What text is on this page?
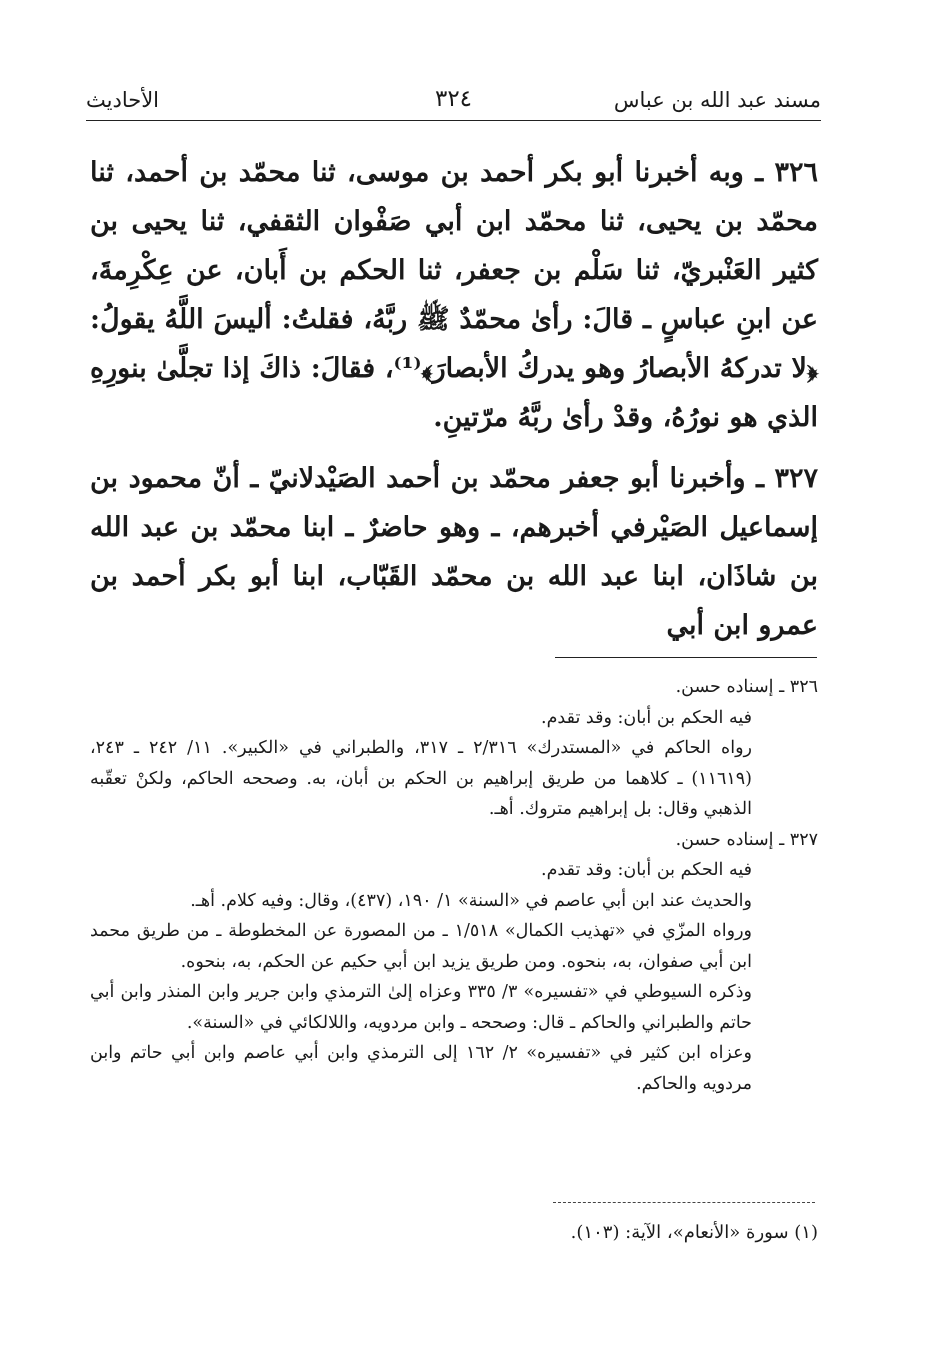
مسند عبد الله بن عباس
٣٢٤
الأحاديث

٣٢٦ ـ وبه أخبرنا أبو بكر أحمد بن موسى، ثنا محمّد بن أحمد، ثنا محمّد بن يحيى، ثنا محمّد ابن أبي صَفْوان الثقفي، ثنا يحيى بن كثير العَنْبريّ، ثنا سَلْم بن جعفر، ثنا الحكم بن أَبان، عن عِكْرِمةَ، عن ابنِ عباسٍ ـ قالَ: رأىٰ محمّدٌ ﷺ ربَّهُ، فقلتُ: أليسَ اللَّهُ يقولُ: ﴿لا تدركهُ الأبصارُ وهو يدركُ الأبصارَ﴾⁽¹⁾، فقالَ: ذاكَ إذا تجلَّىٰ بنورِهِ الذي هو نورُهُ، وقدْ رأىٰ ربَّهُ مرّتينِ.

٣٢٧ ـ وأخبرنا أبو جعفر محمّد بن أحمد الصَيْدلانيّ ـ أنّ محمود بن إسماعيل الصَيْرفي أخبرهم، ـ وهو حاضرٌ ـ ابنا محمّد بن عبد الله بن شاذَان، ابنا عبد الله بن محمّد القَبّاب، ابنا أبو بكر أحمد بن عمرو ابن أبي

٣٢٦ ـ إسناده حسن.

فيه الحكم بن أبان: وقد تقدم.

رواه الحاكم في «المستدرك» ٢/٣١٦ ـ ٣١٧، والطبراني في «الكبير». ١١/ ٢٤٢ ـ ٢٤٣، (١١٦١٩) ـ كلاهما من طريق إبراهيم بن الحكم بن أبان، به. وصححه الحاكم، ولكنْ تعقّبه الذهبي وقال: بل إبراهيم متروك. أهـ.

٣٢٧ ـ إسناده حسن.

فيه الحكم بن أبان: وقد تقدم.

والحديث عند ابن أبي عاصم في «السنة» ١/ ١٩٠، (٤٣٧)، وقال: وفيه كلام. أهـ.

ورواه المزّي في «تهذيب الكمال» ١/٥١٨ ـ من المصورة عن المخطوطة ـ من طريق محمد ابن أبي صفوان، به، بنحوه. ومن طريق يزيد ابن أبي حكيم عن الحكم، به، بنحوه.

وذكره السيوطي في «تفسيره» ٣/ ٣٣٥ وعزاه إلىٰ الترمذي وابن جرير وابن المنذر وابن أبي حاتم والطبراني والحاكم ـ قال: وصححه ـ وابن مردويه، واللالكائي في «السنة».

وعزاه ابن كثير في «تفسيره» ٢/ ١٦٢ إلى الترمذي وابن أبي عاصم وابن أبي حاتم وابن مردويه والحاكم.

(١) سورة «الأنعام»، الآية: (١٠٣).
